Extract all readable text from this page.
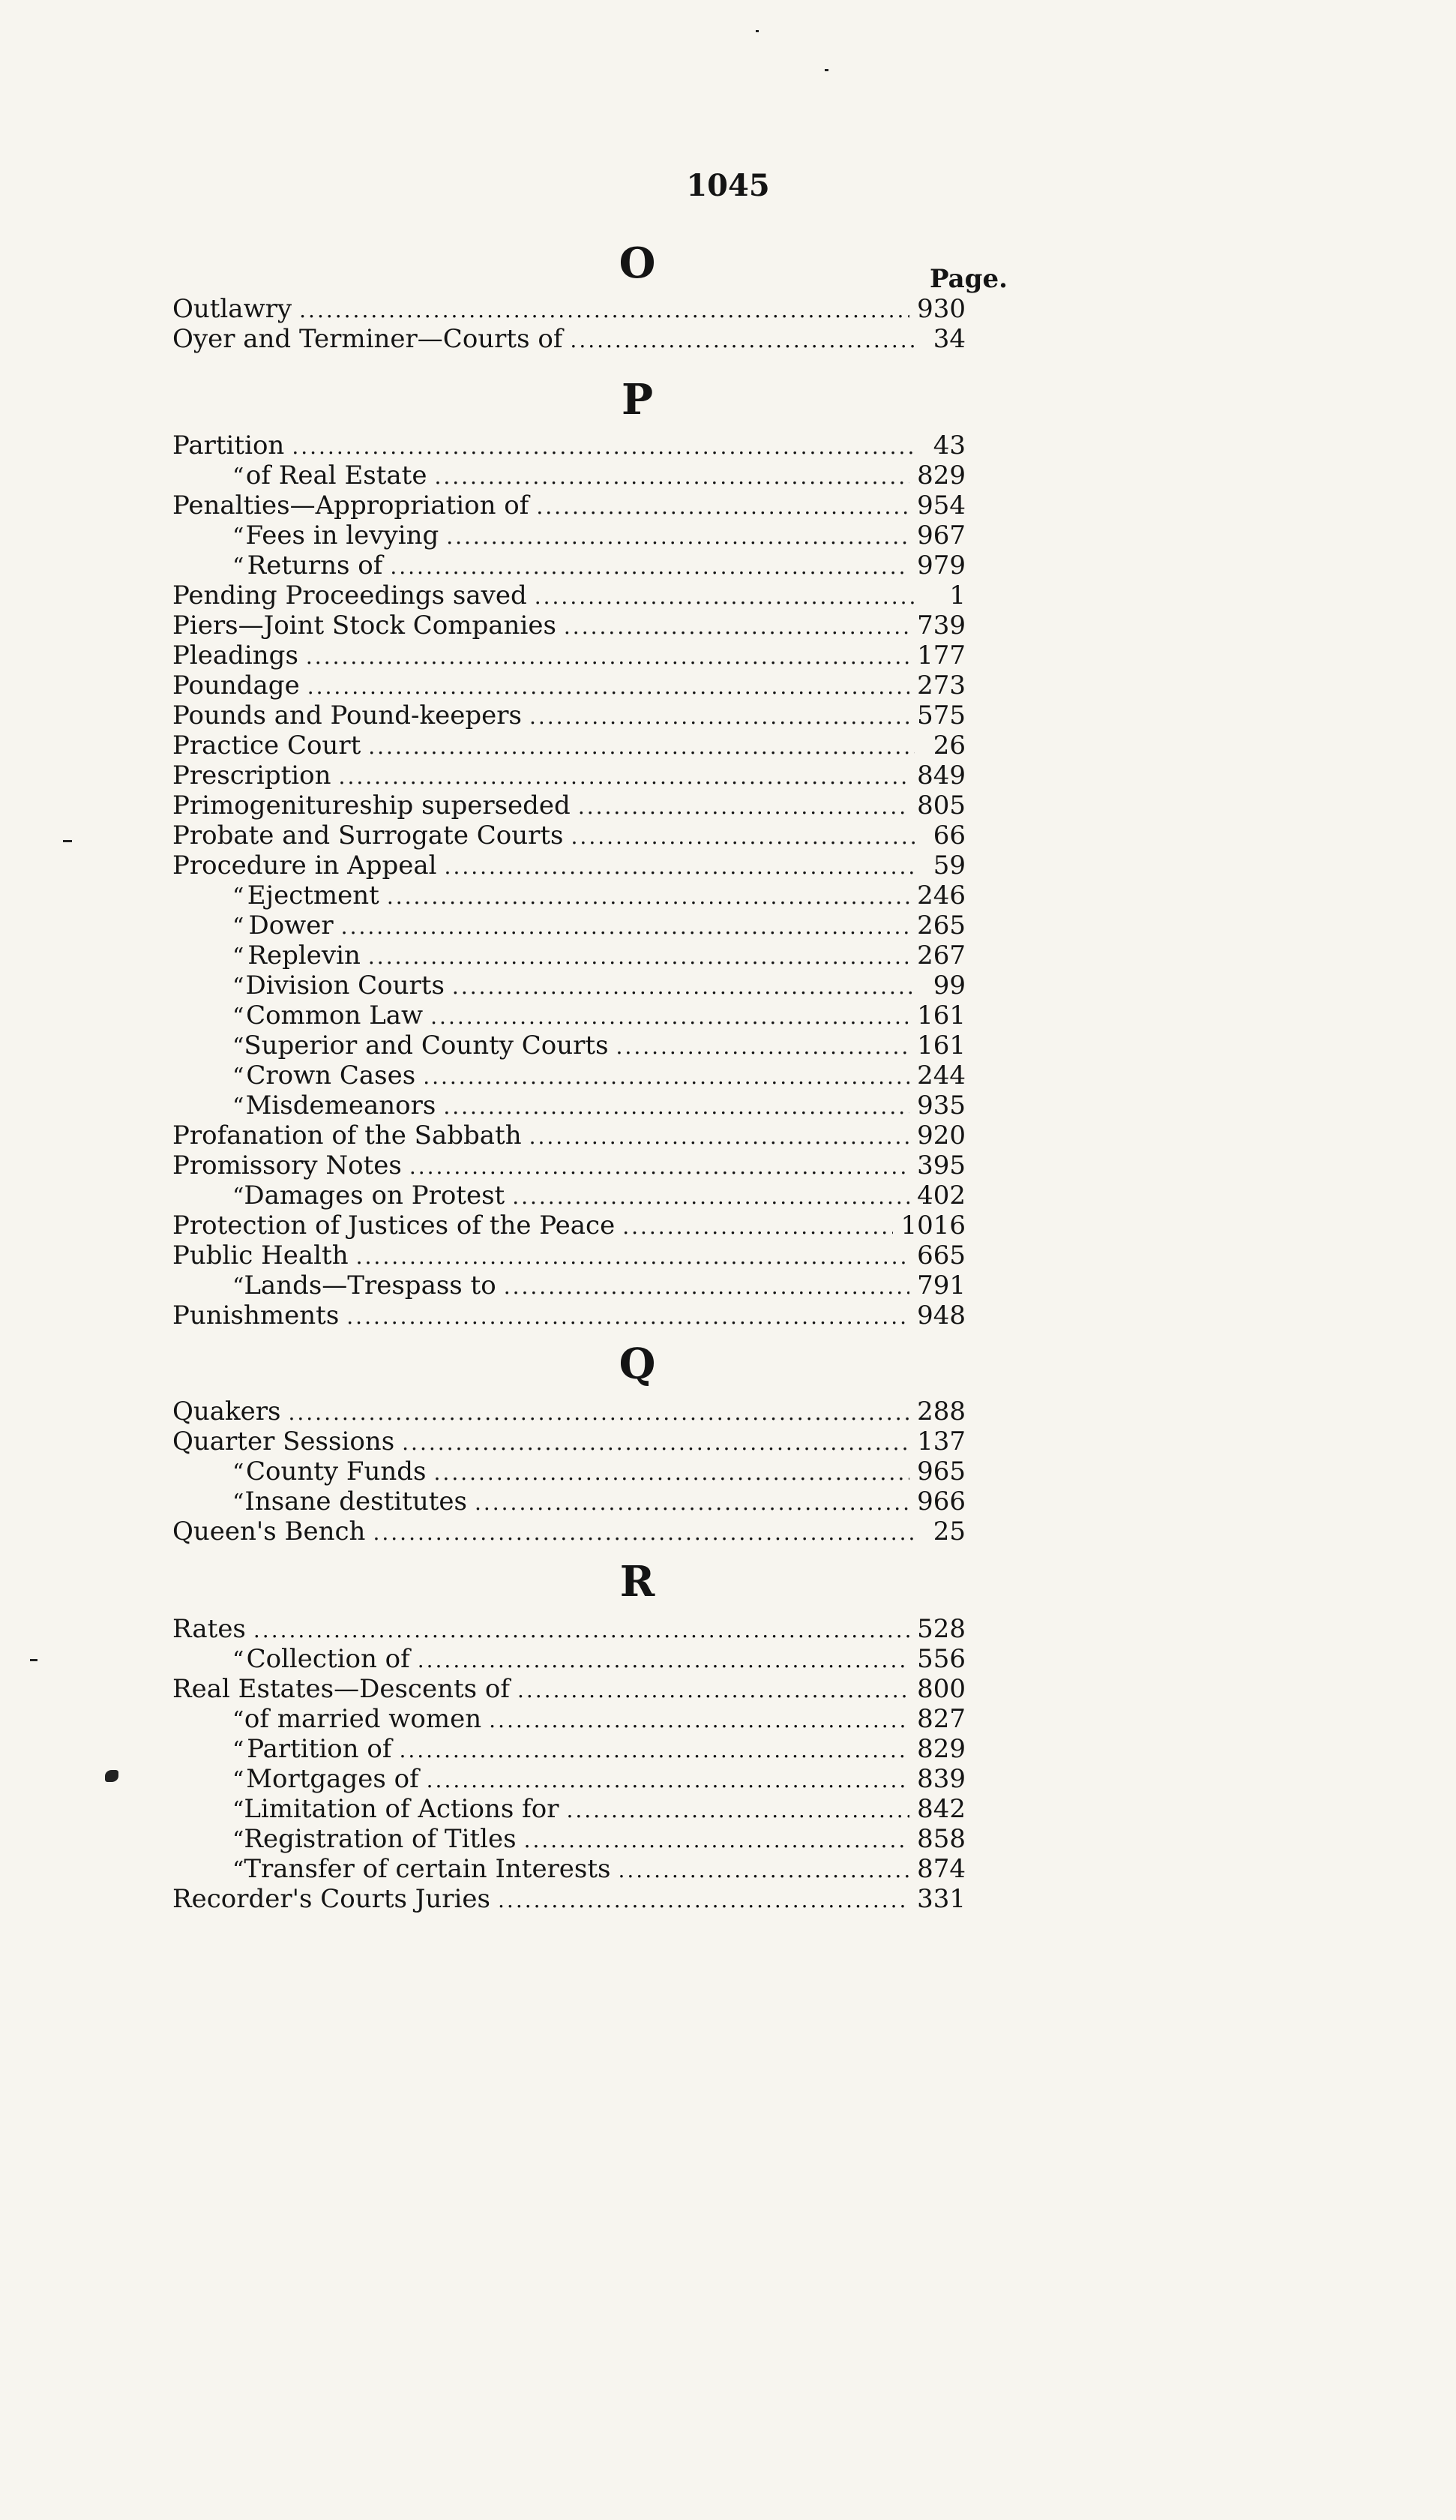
1045
Page.
O
Outlawry .....	930
Oyer and Terminer—Courts of .....	34
P
Partition .....	43
“ of Real Estate .....	829
Penalties—Appropriation of .....	954
“ Fees in levying .....	967
“ Returns of .....	979
Pending Proceedings saved .....	1
Piers—Joint Stock Companies .....	739
Pleadings .....	177
Poundage .....	273
Pounds and Pound-keepers .....	575
Practice Court .....	26
Prescription .....	849
Primogenitureship superseded .....	805
Probate and Surrogate Courts .....	66
Procedure in Appeal .....	59
“ Ejectment .....	246
“ Dower .....	265
“ Replevin .....	267
“ Division Courts .....	99
“ Common Law .....	161
“ Superior and County Courts .....	161
“ Crown Cases .....	244
“ Misdemeanors .....	935
Profanation of the Sabbath .....	920
Promissory Notes .....	395
“ Damages on Protest .....	402
Protection of Justices of the Peace .....	1016
Public Health .....	665
“ Lands—Trespass to .....	791
Punishments .....	948
Q
Quakers .....	288
Quarter Sessions .....	137
“ County Funds .....	965
“ Insane destitutes .....	966
Queen's Bench .....	25
R
Rates .....	528
“ Collection of .....	556
Real Estates—Descents of .....	800
“ of married women .....	827
“ Partition of .....	829
“ Mortgages of .....	839
“ Limitation of Actions for .....	842
“ Registration of Titles .....	858
“ Transfer of certain Interests .....	874
Recorder's Courts Juries .....	331
